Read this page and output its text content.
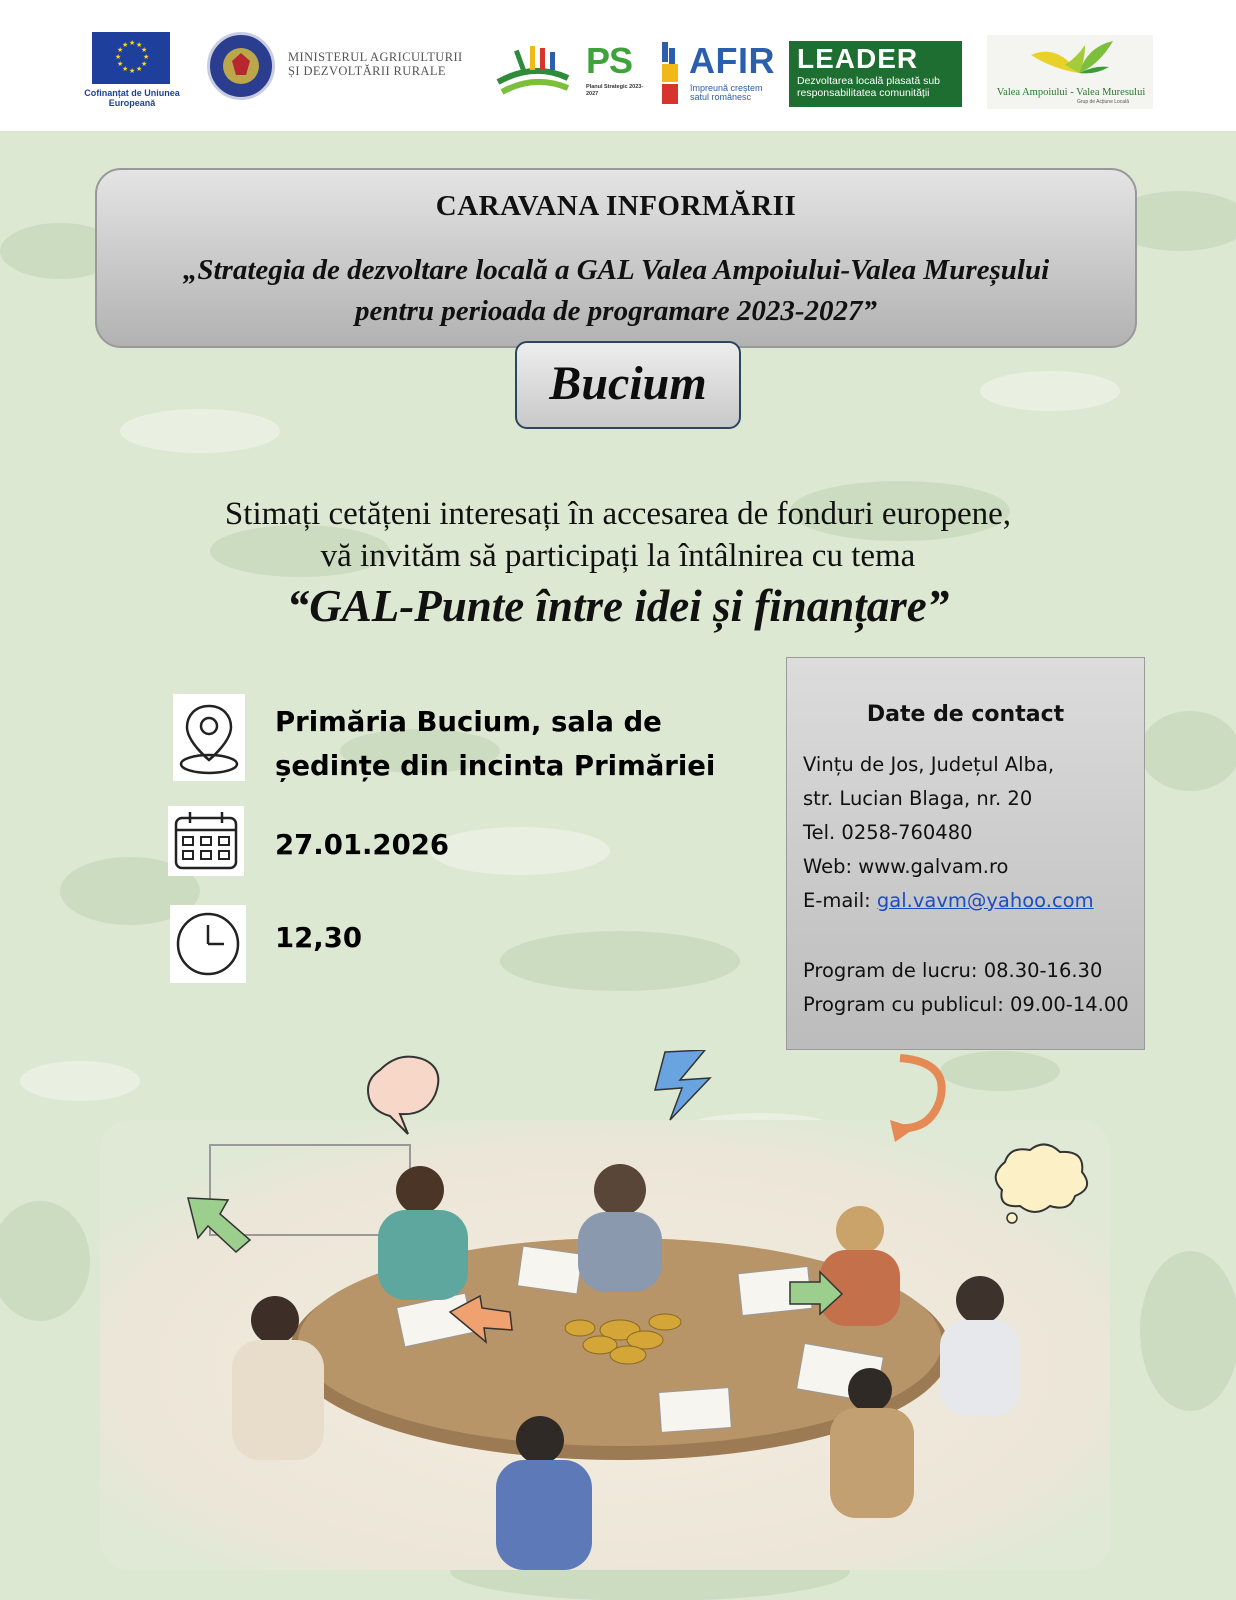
★ ★
★
★
★
★
★
★
★
★
★
★
Cofinanțat de Uniunea Europeană
MINISTERUL AGRICULTURII ȘI DEZVOLTĂRII RURALE	PS
Planul Strategic 2023-2027
AFIR
împreună creștem satul românesc
LEADER
Dezvoltarea locală plasată sub responsabilitatea comunității	Valea Ampoiului - Valea Muresului
Grup de Acțiune Locală
CARAVANA INFORMĂRII
„Strategia de dezvoltare locală a GAL Valea Ampoiului-Valea Mureșului
pentru perioada de programare 2023-2027”
Bucium
Stimați cetățeni interesați în accesarea de fonduri europene,
vă invităm să participați la întâlnirea cu tema
“GAL-Punte între idei și finanțare”
Primăria Bucium, sala de ședințe din incinta Primăriei
27.01.2026
12,30
Date de contact
Vințu de Jos, Județul Alba,
str. Lucian Blaga, nr. 20
Tel. 0258-760480
Web: www.galvam.ro
E-mail: gal.vavm@yahoo.com
Program de lucru: 08.30-16.30
Program cu publicul: 09.00-14.00
